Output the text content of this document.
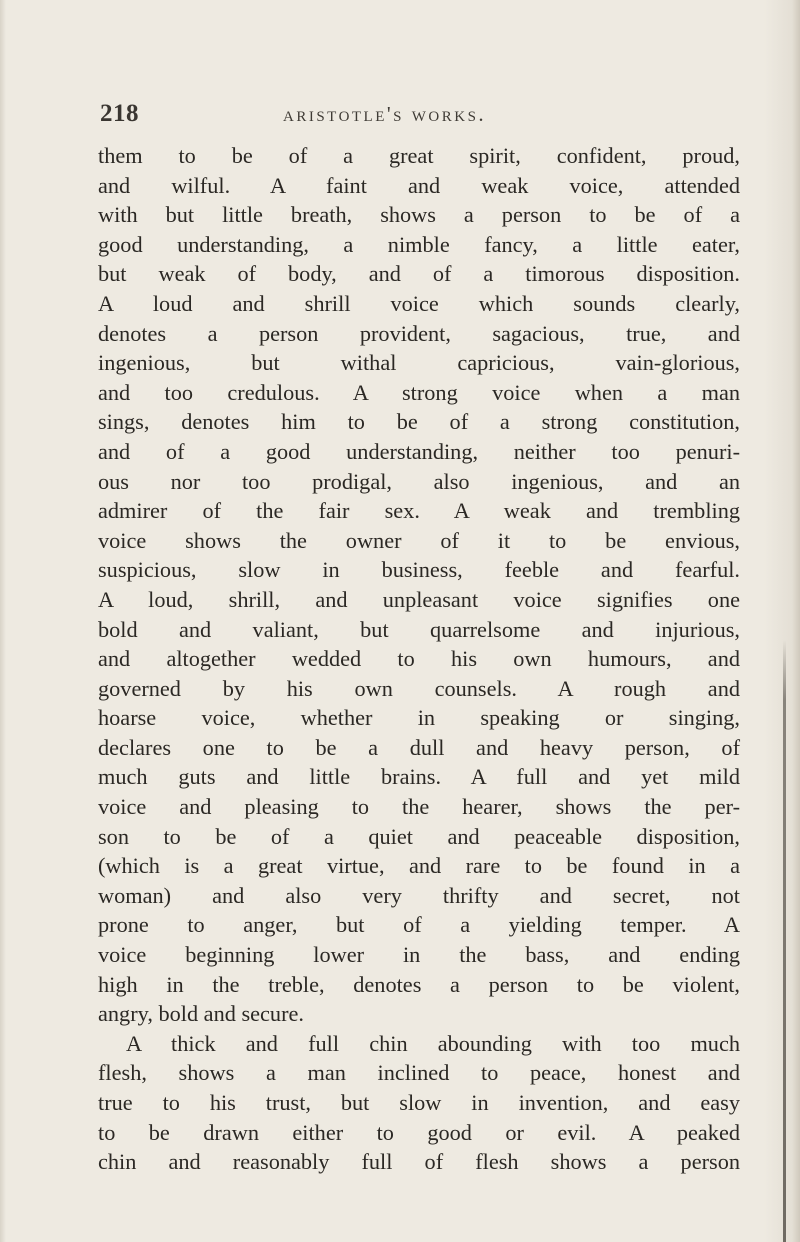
218	aristotle's works.
them to be of a great spirit, confident, proud,
and wilful. A faint and weak voice, attended
with but little breath, shows a person to be of a
good understanding, a nimble fancy, a little eater,
but weak of body, and of a timorous disposition.
A loud and shrill voice which sounds clearly,
denotes a person provident, sagacious, true, and
ingenious, but withal capricious, vain-glorious,
and too credulous. A strong voice when a man
sings, denotes him to be of a strong constitution,
and of a good understanding, neither too penuri-
ous nor too prodigal, also ingenious, and an
admirer of the fair sex. A weak and trembling
voice shows the owner of it to be envious,
suspicious, slow in business, feeble and fearful.
A loud, shrill, and unpleasant voice signifies one
bold and valiant, but quarrelsome and injurious,
and altogether wedded to his own humours, and
governed by his own counsels. A rough and
hoarse voice, whether in speaking or singing,
declares one to be a dull and heavy person, of
much guts and little brains. A full and yet mild
voice and pleasing to the hearer, shows the per-
son to be of a quiet and peaceable disposition,
(which is a great virtue, and rare to be found in a
woman) and also very thrifty and secret, not
prone to anger, but of a yielding temper. A
voice beginning lower in the bass, and ending
high in the treble, denotes a person to be violent,
angry, bold and secure.
A thick and full chin abounding with too much
flesh, shows a man inclined to peace, honest and
true to his trust, but slow in invention, and easy
to be drawn either to good or evil. A peaked
chin and reasonably full of flesh shows a person
